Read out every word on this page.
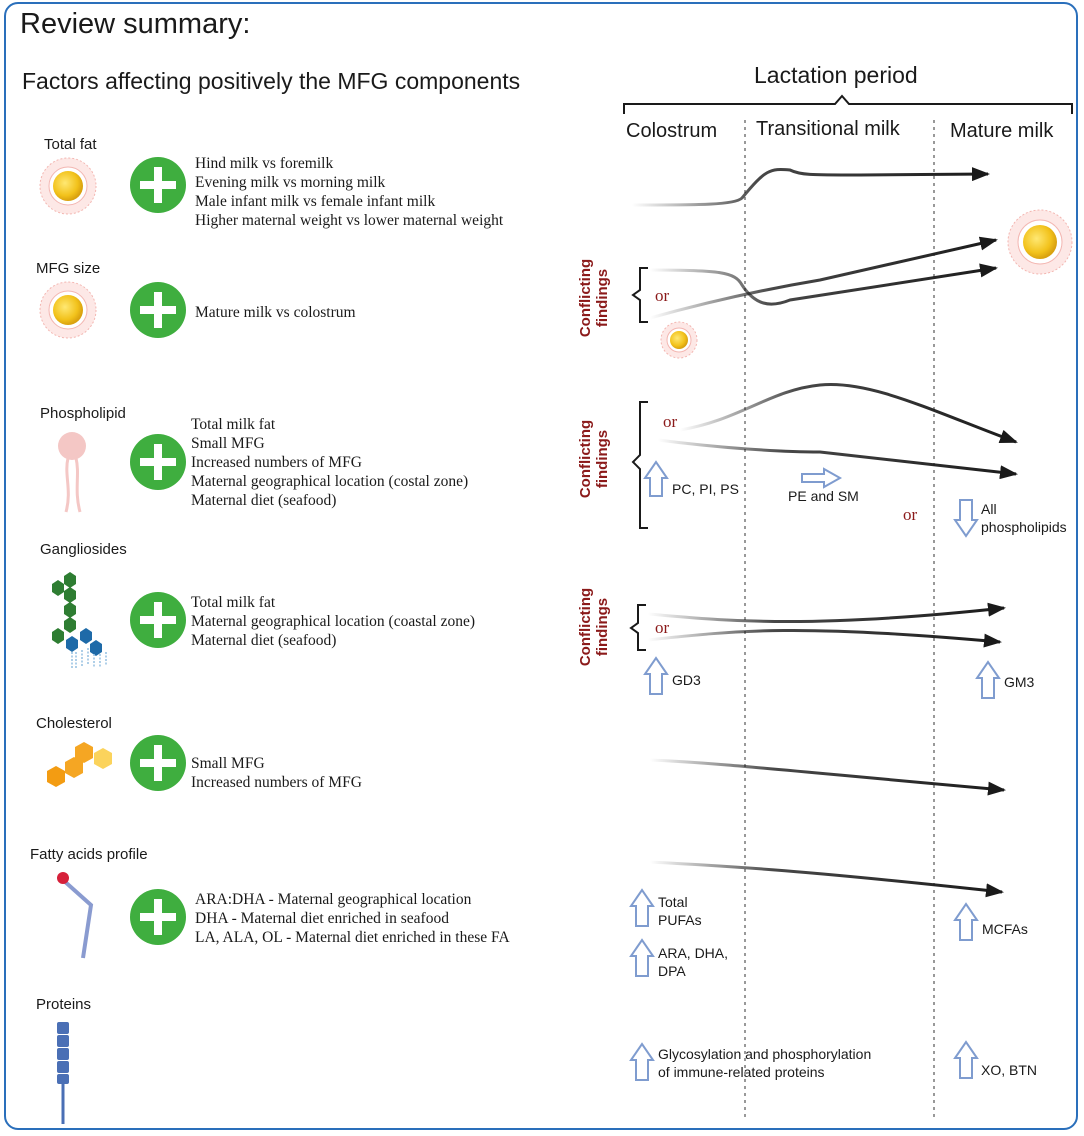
Review summary:
Factors affecting positively the MFG components	Lactation period
Colostrum Transitional milk	Mature milk
Total fat
MFG size
Phospholipid
Gangliosides
Cholesterol
Fatty acids profile
Proteins
Hind milk vs foremilk
Evening milk vs morning milk
Male infant milk vs female infant milk
Higher maternal weight vs lower maternal weight
Mature milk vs colostrum
Total milk fat
Small MFG
Increased numbers of MFG
Maternal geographical location (costal zone)
Maternal diet (seafood)
Total milk fat
Maternal geographical location (coastal zone)
Maternal diet (seafood)
Small MFG
Increased numbers of MFG
ARA:DHA - Maternal geographical location
DHA - Maternal diet enriched in seafood
LA, ALA, OL - Maternal diet enriched in these FA
Conflicting findings
Conflicting findings
Conflicting findings
or
or
or
or
PC, PI, PS	PE and SM
All
phospholipids
GD3	GM3
Total
PUFAs
ARA, DHA,
DPA
MCFAs
Glycosylation and phosphorylation
of immune-related proteins	XO, BTN
